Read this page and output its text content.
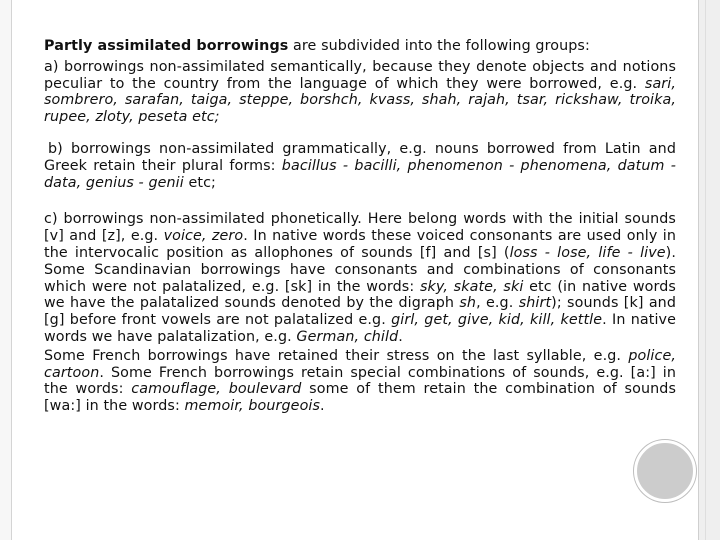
Partly assimilated borrowings are subdivided into the following groups:

a) borrowings non-assimilated semantically, because they denote objects and notions peculiar to the country from the language of which they were borrowed, e.g. sari, sombrero, sarafan, taiga, steppe, borshch, kvass, shah, rajah, tsar, rickshaw, troika, rupee, zloty, peseta etc;

b) borrowings non-assimilated grammatically, e.g. nouns borrowed from Latin and Greek retain their plural forms: bacillus - bacilli, phenomenon - phenomena, datum -data, genius - genii etc;

c) borrowings non-assimilated phonetically. Here belong words with the initial sounds [v] and [z], e.g. voice, zero. In native words these voiced consonants are used only in the intervocalic position as allophones of sounds [f] and [s] (loss - lose, life - live). Some Scandinavian borrowings have consonants and combinations of consonants which were not palatalized, e.g. [sk] in the words: sky, skate, ski etc (in native words we have the palatalized sounds denoted by the digraph sh, e.g. shirt); sounds [k] and [g] before front vowels are not palatalized e.g. girl, get, give, kid, kill, kettle. In native words we have palatalization, e.g. German, child.

Some French borrowings have retained their stress on the last syllable, e.g. police, cartoon. Some French borrowings retain special combinations of sounds, e.g. [a:] in the words: camouflage, boulevard some of them retain the combination of sounds [wa:] in the words: memoir, bourgeois.
